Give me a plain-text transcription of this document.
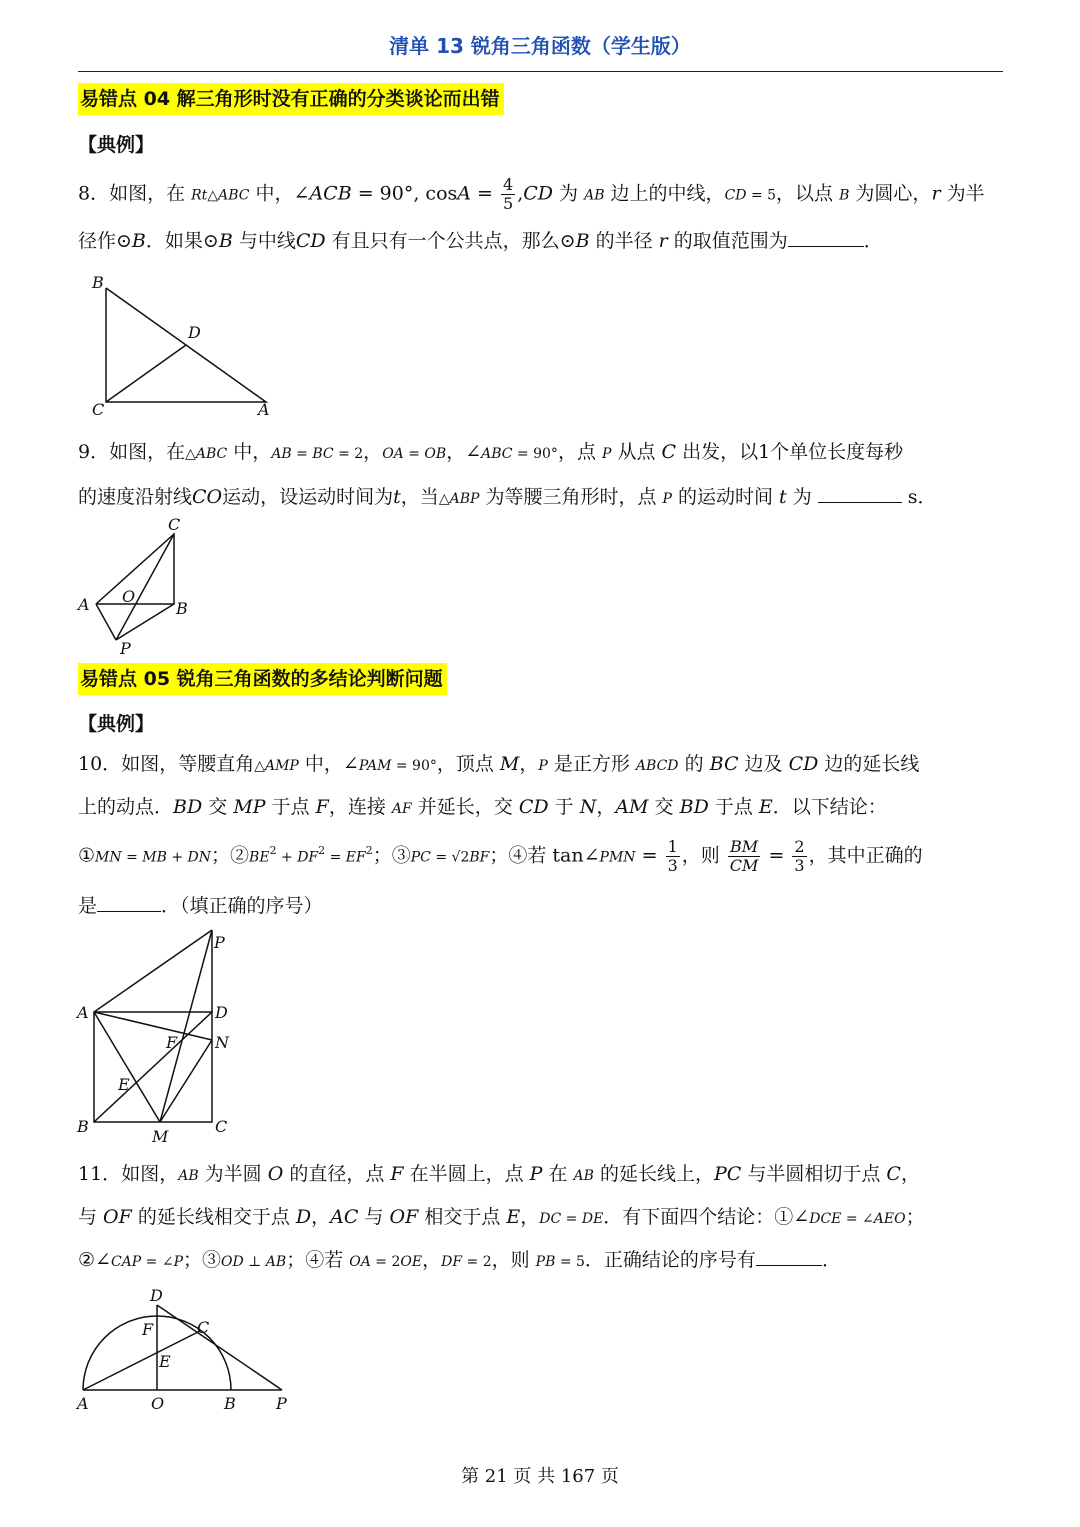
清单 13 锐角三角函数（学生版）
易错点 04 解三角形时没有正确的分类谈论而出错
【典例】
8．如图，在 Rt△ABC 中，∠ACB = 90°, $\cos A = \frac{4}{5} ,CD$ 为 AB 边上的中线，CD = 5，以点 B 为圆心，r 为半
径作⊙B．如果⊙B 与中线CD 有且只有一个公共点，那么⊙B 的半径 r 的取值范围为	．
B
D
C	A
9．如图，在△ABC 中，AB = BC = 2，OA = OB，∠ABC = 90°，点 P 从点 C 出发，以1个单位长度每秒
的速度沿射线CO运动，设运动时间为t，当△ABP 为等腰三角形时，点 P 的运动时间 t 为	s．
C
A O
B
P
易错点 05 锐角三角函数的多结论判断问题
【典例】
10．如图，等腰直角△AMP 中，∠PAM = 90°，顶点 M，P 是正方形 ABCD 的 BC 边及 CD 边的延长线
上的动点．BD 交 MP 于点 F，连接 AF 并延长，交 CD 于 N，AM 交 BD 于点 E．以下结论：
①MN = MB + DN；$②BE^2 + DF^2 = EF^2$；③PC = √2BF；④若 tan∠PMN = $\frac{1}{3}$ ，则 $\frac{BM}{CM} = \frac{2}{3}$ ，其中正确的
是	．（填正确的序号）
P
A	D
F N
E
B
M
C
11．如图，AB 为半圆 O 的直径，点 F 在半圆上，点 P 在 AB 的延长线上，PC 与半圆相切于点 C，
与 OF 的延长线相交于点 D，AC 与 OF 相交于点 E，DC = DE．有下面四个结论：①∠DCE = ∠AEO；
②∠CAP = ∠P；③OD ⊥ AB；④若 OA = 2OE，DF = 2，则 PB = 5．正确结论的序号有	．
D
F	C
E
A	O	B	P
第 21 页 共 167 页
